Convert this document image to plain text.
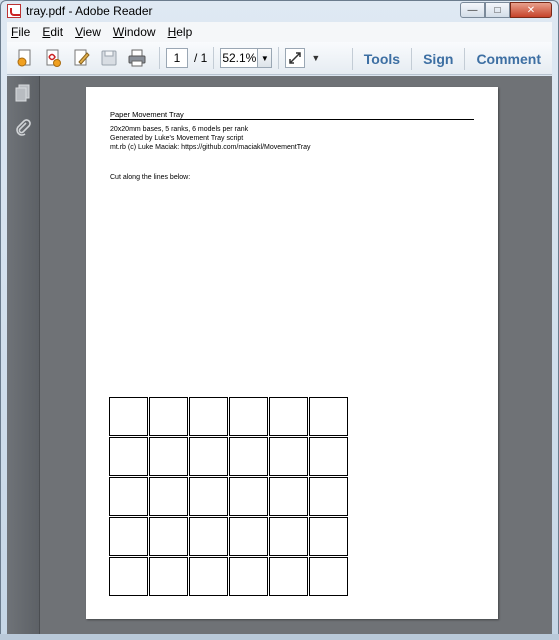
tray.pdf - Adobe Reader	—	□	✕
File Edit View Window Help
1	/ 1 52.1% ▼	▼	Tools	Sign	Comment
Paper Movement Tray
20x20mm bases, 5 ranks, 6 models per rank
Generated by Luke's Movement Tray script
mt.rb (c) Luke Maciak: https://github.com/maciakl/MovementTray
Cut along the lines below:
